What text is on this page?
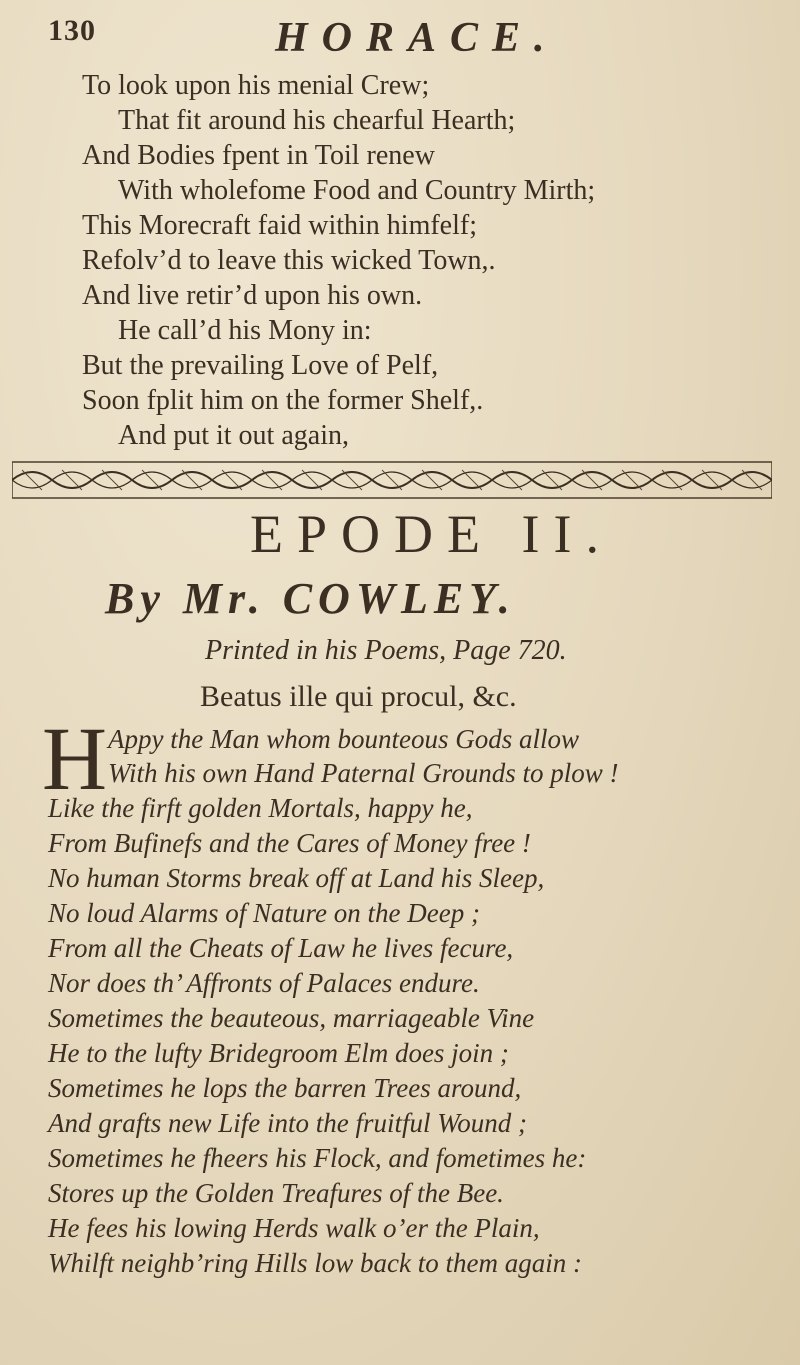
130	HORACE.
To look upon his menial Crew;
That fit around his chearful Hearth;
And Bodies fpent in Toil renew
With wholefome Food and Country Mirth;
This Morecraft faid within himfelf;
Refolv’d to leave this wicked Town,.
And live retir’d upon his own.
He call’d his Mony in:
But the prevailing Love of Pelf,
Soon fplit him on the former Shelf,.
And put it out again,
EPODE II.
By Mr. COWLEY.
Printed in his Poems, Page 720.
Beatus ille qui procul, &c.
H Appy the Man whom bounteous Gods allow
With his own Hand Paternal Grounds to plow !
Like the firft golden Mortals, happy he,
From Bufinefs and the Cares of Money free !
No human Storms break off at Land his Sleep,
No loud Alarms of Nature on the Deep ;
From all the Cheats of Law he lives fecure,
Nor does th’ Affronts of Palaces endure.
Sometimes the beauteous, marriageable Vine
He to the lufty Bridegroom Elm does join ;
Sometimes he lops the barren Trees around,
And grafts new Life into the fruitful Wound ;
Sometimes he fheers his Flock, and fometimes he:
Stores up the Golden Treafures of the Bee.
He fees his lowing Herds walk o’er the Plain,
Whilft neighb’ring Hills low back to them again :
